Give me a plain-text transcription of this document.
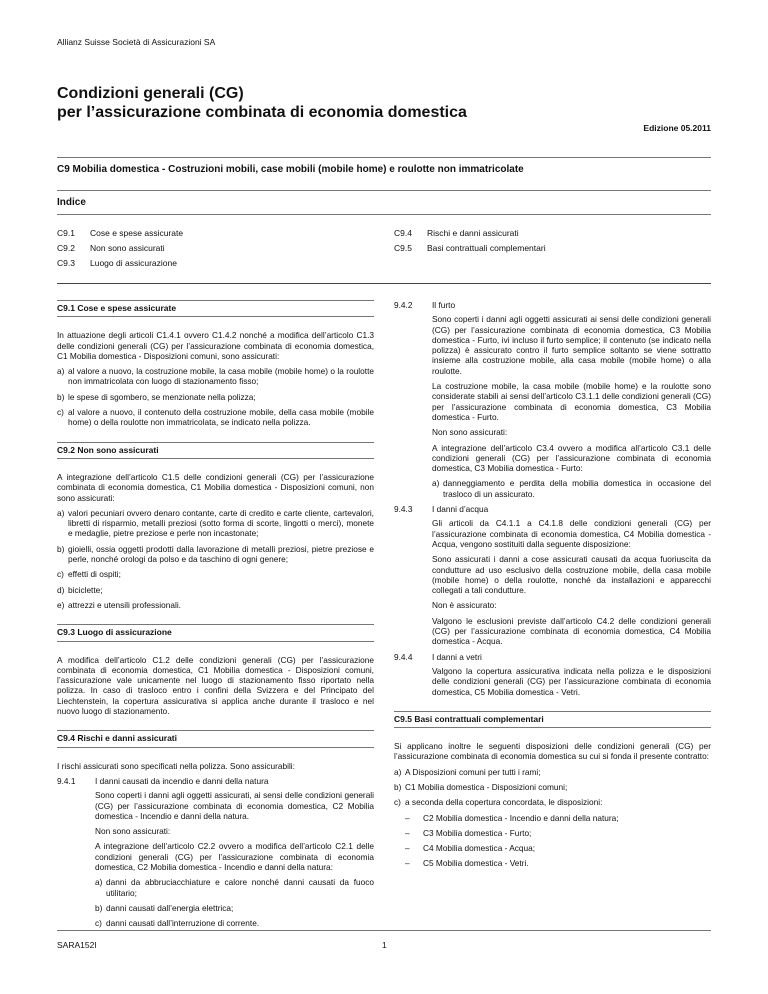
Allianz Suisse Società di Assicurazioni SA
Condizioni generali (CG)
per l’assicurazione combinata di economia domestica
Edizione 05.2011
C9 Mobilia domestica - Costruzioni mobili, case mobili (mobile home) e roulotte non immatricolate
Indice
C9.1 Cose e spese assicurate
C9.2 Non sono assicurati
C9.3 Luogo di assicurazione
C9.4 Rischi e danni assicurati
C9.5 Basi contrattuali complementari
C9.1 Cose e spese assicurate

In attuazione degli articoli C1.4.1 ovvero C1.4.2 nonché a modifica dell’articolo C1.3 delle condizioni generali (CG) per l’assicurazione combinata di economia domestica, C1 Mobilia domestica - Disposizioni comuni, sono assicurati:

a) al valore a nuovo, la costruzione mobile, la casa mobile (mobile home) o la roulotte non immatricolata con luogo di stazionamento fisso;
b) le spese di sgombero, se menzionate nella polizza;
c) al valore a nuovo, il contenuto della costruzione mobile, della casa mobile (mobile home) o della roulotte non immatricolata, se indicato nella polizza.
C9.2 Non sono assicurati

A integrazione dell’articolo C1.5 delle condizioni generali (CG) per l’assicurazione combinata di economia domestica, C1 Mobilia domestica - Disposizioni comuni, non sono assicurati:

a) valori pecuniari ovvero denaro contante, carte di credito e carte cliente, cartevalori, libretti di risparmio, metalli preziosi (sotto forma di scorte, lingotti o merci), monete e medaglie, pietre preziose e perle non incastonate;
b) gioielli, ossia oggetti prodotti dalla lavorazione di metalli preziosi, pietre preziose e perle, nonché orologi da polso e da taschino di ogni genere;
c) effetti di ospiti;
d) biciclette;
e) attrezzi e utensili professionali.
C9.3 Luogo di assicurazione

A modifica dell’articolo C1.2 delle condizioni generali (CG) per l’assicurazione combinata di economia domestica, C1 Mobilia domestica - Disposizioni comuni, l’assicurazione vale unicamente nel luogo di stazionamento fisso riportato nella polizza. In caso di trasloco entro i confini della Svizzera e del Principato del Liechtenstein, la copertura assicurativa si applica anche durante il trasloco e nel nuovo luogo di stazionamento.

C9.4 Rischi e danni assicurati

I rischi assicurati sono specificati nella polizza. Sono assicurabili:

9.4.1 I danni causati da incendio e danni della natura

Sono coperti i danni agli oggetti assicurati, ai sensi delle condizioni generali (CG) per l’assicurazione combinata di economia domestica, C2 Mobilia domestica - Incendio e danni della natura.

Non sono assicurati:

A integrazione dell’articolo C2.2 ovvero a modifica dell’articolo C2.1 delle condizioni generali (CG) per l’assicurazione combinata di economia domestica, C2 Mobilia domestica - Incendio e danni della natura:

a) danni da abbruciacchiature e calore nonché danni causati da fuoco utilitario;
b) danni causati dall’energia elettrica;
c) danni causati dall’interruzione di corrente.
9.4.2 Il furto

Sono coperti i danni agli oggetti assicurati ai sensi delle condizioni generali (CG) per l’assicurazione combinata di economia domestica, C3 Mobilia domestica - Furto, ivi incluso il furto semplice; il contenuto (se indicato nella polizza) è assicurato contro il furto semplice soltanto se viene sottratto insieme alla costruzione mobile, alla casa mobile (mobile home) o alla roulotte.

La costruzione mobile, la casa mobile (mobile home) e la roulotte sono considerate stabili ai sensi dell’articolo C3.1.1 delle condizioni generali (CG) per l’assicurazione combinata di economia domestica, C3 Mobilia domestica - Furto.

Non sono assicurati:

A integrazione dell’articolo C3.4 ovvero a modifica all’articolo C3.1 delle condizioni generali (CG) per l’assicurazione combinata di economia domestica, C3 Mobilia domestica - Furto:

a) danneggiamento e perdita della mobilia domestica in occasione del trasloco di un assicurato.
9.4.3 I danni d’acqua

Gli articoli da C4.1.1 a C4.1.8 delle condizioni generali (CG) per l’assicurazione combinata di economia domestica, C4 Mobilia domestica - Acqua, vengono sostituiti dalla seguente disposizione:

Sono assicurati i danni a cose assicurati causati da acqua fuoriuscita da condutture ad uso esclusivo della costruzione mobile, della casa mobile (mobile home) o della roulotte, nonché da installazioni e apparecchi collegati a tali condutture.

Non è assicurato:

Valgono le esclusioni previste dall’articolo C4.2 delle condizioni generali (CG) per l’assicurazione combinata di economia domestica, C4 Mobilia domestica - Acqua.

9.4.4 I danni a vetri

Valgono la copertura assicurativa indicata nella polizza e le disposizioni delle condizioni generali (CG) per l’assicurazione combinata di economia domestica, C5 Mobilia domestica - Vetri.

C9.5 Basi contrattuali complementari

Si applicano inoltre le seguenti disposizioni delle condizioni generali (CG) per l’assicurazione combinata di economia domestica su cui si fonda il presente contratto:

a) A Disposizioni comuni per tutti i rami;
b) C1 Mobilia domestica - Disposizioni comuni;
c) a seconda della copertura concordata, le disposizioni:
– C2 Mobilia domestica - Incendio e danni della natura;
– C3 Mobilia domestica - Furto;
– C4 Mobilia domestica - Acqua;
– C5 Mobilia domestica - Vetri.
SARA152I	1
